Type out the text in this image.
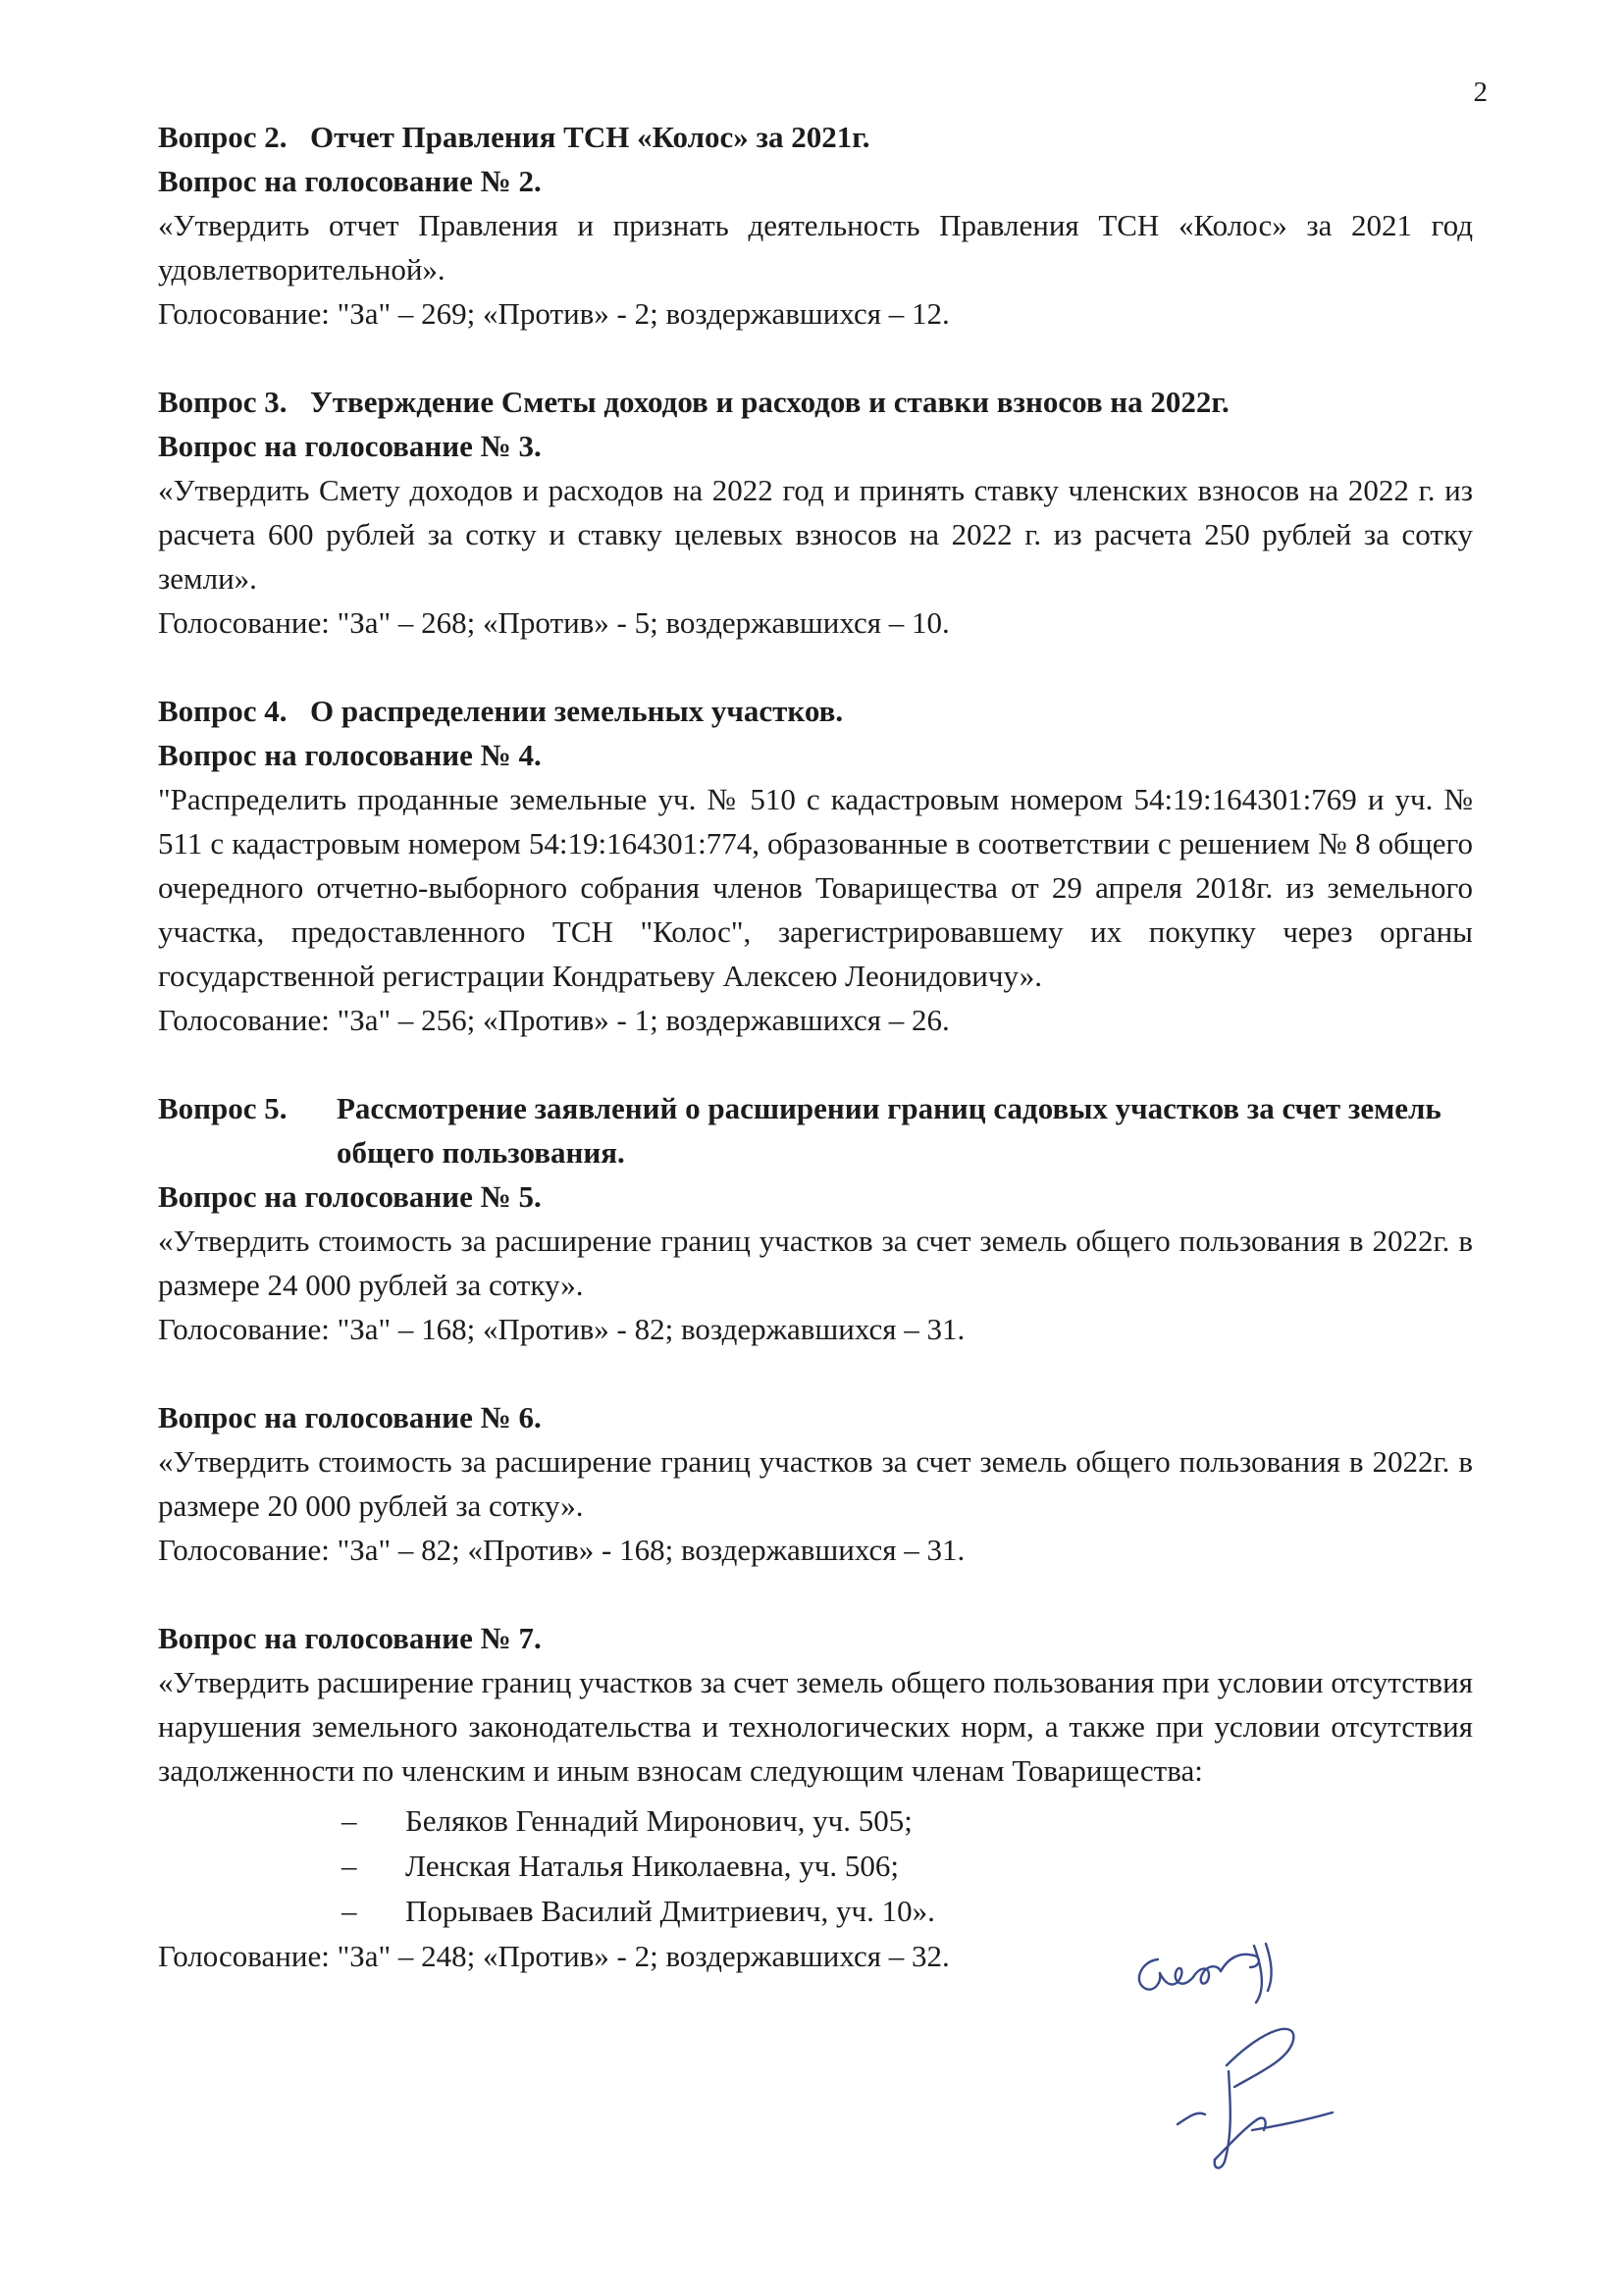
2
Вопрос 2. Отчет Правления ТСН «Колос» за 2021г.
Вопрос на голосование № 2.
«Утвердить отчет Правления и признать деятельность Правления ТСН «Колос» за 2021 год удовлетворительной».
Голосование: "За" – 269; «Против» - 2; воздержавшихся – 12.
Вопрос 3. Утверждение Сметы доходов и расходов и ставки взносов на 2022г.
Вопрос на голосование № 3.
«Утвердить Смету доходов и расходов на 2022 год и принять ставку членских взносов на 2022 г. из расчета 600 рублей за сотку и ставку целевых взносов на 2022 г. из расчета 250 рублей за сотку земли».
Голосование: "За" – 268; «Против» - 5; воздержавшихся – 10.
Вопрос 4. О распределении земельных участков.
Вопрос на голосование № 4.
"Распределить проданные земельные уч. № 510 с кадастровым номером 54:19:164301:769 и уч. № 511 с кадастровым номером 54:19:164301:774, образованные в соответствии с решением № 8 общего очередного отчетно-выборного собрания членов Товарищества от 29 апреля 2018г. из земельного участка, предоставленного ТСН "Колос", зарегистрировавшему их покупку через органы государственной регистрации Кондратьеву Алексею Леонидовичу».
Голосование: "За" – 256; «Против» - 1; воздержавшихся – 26.
Вопрос 5.	Рассмотрение заявлений о расширении границ садовых участков за счет земель общего пользования.
Вопрос на голосование № 5.
«Утвердить стоимость за расширение границ участков за счет земель общего пользования в 2022г. в размере 24 000 рублей за сотку».
Голосование: "За" – 168; «Против» - 82; воздержавшихся – 31.
Вопрос на голосование № 6.
«Утвердить стоимость за расширение границ участков за счет земель общего пользования в 2022г. в размере 20 000 рублей за сотку».
Голосование: "За" – 82; «Против» - 168; воздержавшихся – 31.
Вопрос на голосование № 7.
«Утвердить расширение границ участков за счет земель общего пользования при условии отсутствия нарушения земельного законодательства и технологических норм, а также при условии отсутствия задолженности по членским и иным взносам следующим членам Товарищества:
–	Беляков Геннадий Миронович, уч. 505;
–	Ленская Наталья Николаевна, уч. 506;
–	Порываев Василий Дмитриевич, уч. 10».
Голосование: "За" – 248; «Против» - 2; воздержавшихся – 32.
